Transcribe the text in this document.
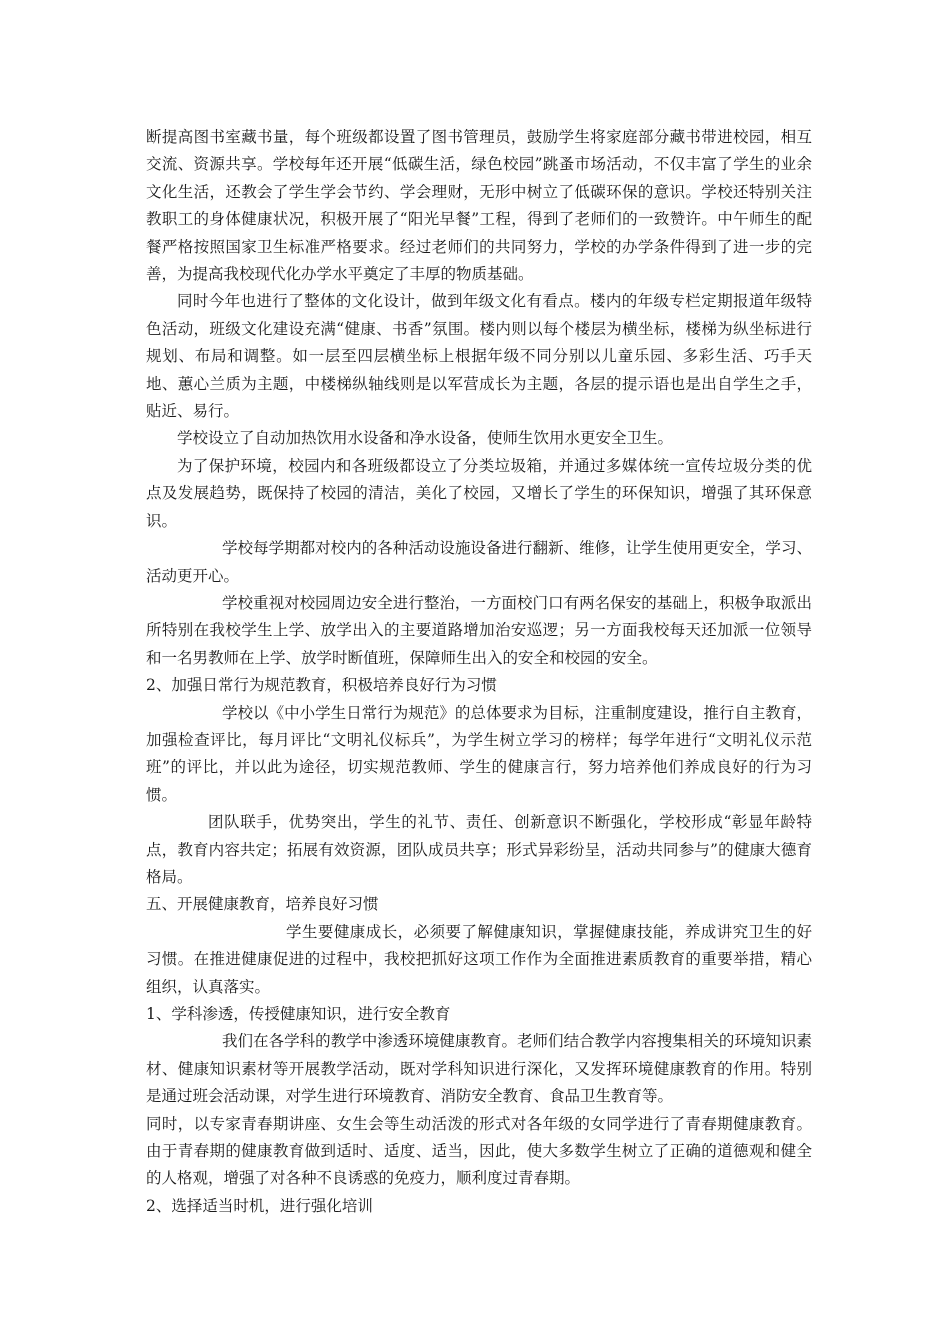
断提高图书室藏书量，每个班级都设置了图书管理员，鼓励学生将家庭部分藏书带进校园，相互交流、资源共享。学校每年还开展“低碳生活，绿色校园”跳蚤市场活动，不仅丰富了学生的业余文化生活，还教会了学生学会节约、学会理财，无形中树立了低碳环保的意识。学校还特别关注教职工的身体健康状况，积极开展了“阳光早餐”工程，得到了老师们的一致赞许。中午师生的配餐严格按照国家卫生标准严格要求。经过老师们的共同努力，学校的办学条件得到了进一步的完善，为提高我校现代化办学水平奠定了丰厚的物质基础。

同时今年也进行了整体的文化设计，做到年级文化有看点。楼内的年级专栏定期报道年级特色活动，班级文化建设充满“健康、书香”氛围。楼内则以每个楼层为横坐标，楼梯为纵坐标进行规划、布局和调整。如一层至四层横坐标上根据年级不同分别以儿童乐园、多彩生活、巧手天地、蕙心兰质为主题，中楼梯纵轴线则是以军营成长为主题，各层的提示语也是出自学生之手，贴近、易行。

学校设立了自动加热饮用水设备和净水设备，使师生饮用水更安全卫生。

为了保护环境，校园内和各班级都设立了分类垃圾箱，并通过多媒体统一宣传垃圾分类的优点及发展趋势，既保持了校园的清洁，美化了校园，又增长了学生的环保知识，增强了其环保意识。

学校每学期都对校内的各种活动设施设备进行翻新、维修，让学生使用更安全，学习、活动更开心。

学校重视对校园周边安全进行整治，一方面校门口有两名保安的基础上，积极争取派出所特别在我校学生上学、放学出入的主要道路增加治安巡逻；另一方面我校每天还加派一位领导和一名男教师在上学、放学时断值班，保障师生出入的安全和校园的安全。

2、加强日常行为规范教育，积极培养良好行为习惯

学校以《中小学生日常行为规范》的总体要求为目标，注重制度建设，推行自主教育，加强检查评比，每月评比“文明礼仪标兵”，为学生树立学习的榜样；每学年进行“文明礼仪示范班”的评比，并以此为途径，切实规范教师、学生的健康言行，努力培养他们养成良好的行为习惯。

团队联手，优势突出，学生的礼节、责任、创新意识不断强化，学校形成“彰显年龄特点，教育内容共定；拓展有效资源，团队成员共享；形式异彩纷呈，活动共同参与”的健康大德育格局。

五、开展健康教育，培养良好习惯

学生要健康成长，必须要了解健康知识，掌握健康技能，养成讲究卫生的好习惯。在推进健康促进的过程中，我校把抓好这项工作作为全面推进素质教育的重要举措，精心组织，认真落实。

1、学科渗透，传授健康知识，进行安全教育

我们在各学科的教学中渗透环境健康教育。老师们结合教学内容搜集相关的环境知识素材、健康知识素材等开展教学活动，既对学科知识进行深化，又发挥环境健康教育的作用。特别是通过班会活动课，对学生进行环境教育、消防安全教育、食品卫生教育等。

同时，以专家青春期讲座、女生会等生动活泼的形式对各年级的女同学进行了青春期健康教育。由于青春期的健康教育做到适时、适度、适当，因此，使大多数学生树立了正确的道德观和健全的人格观，增强了对各种不良诱惑的免疫力，顺利度过青春期。

2、选择适当时机，进行强化培训
